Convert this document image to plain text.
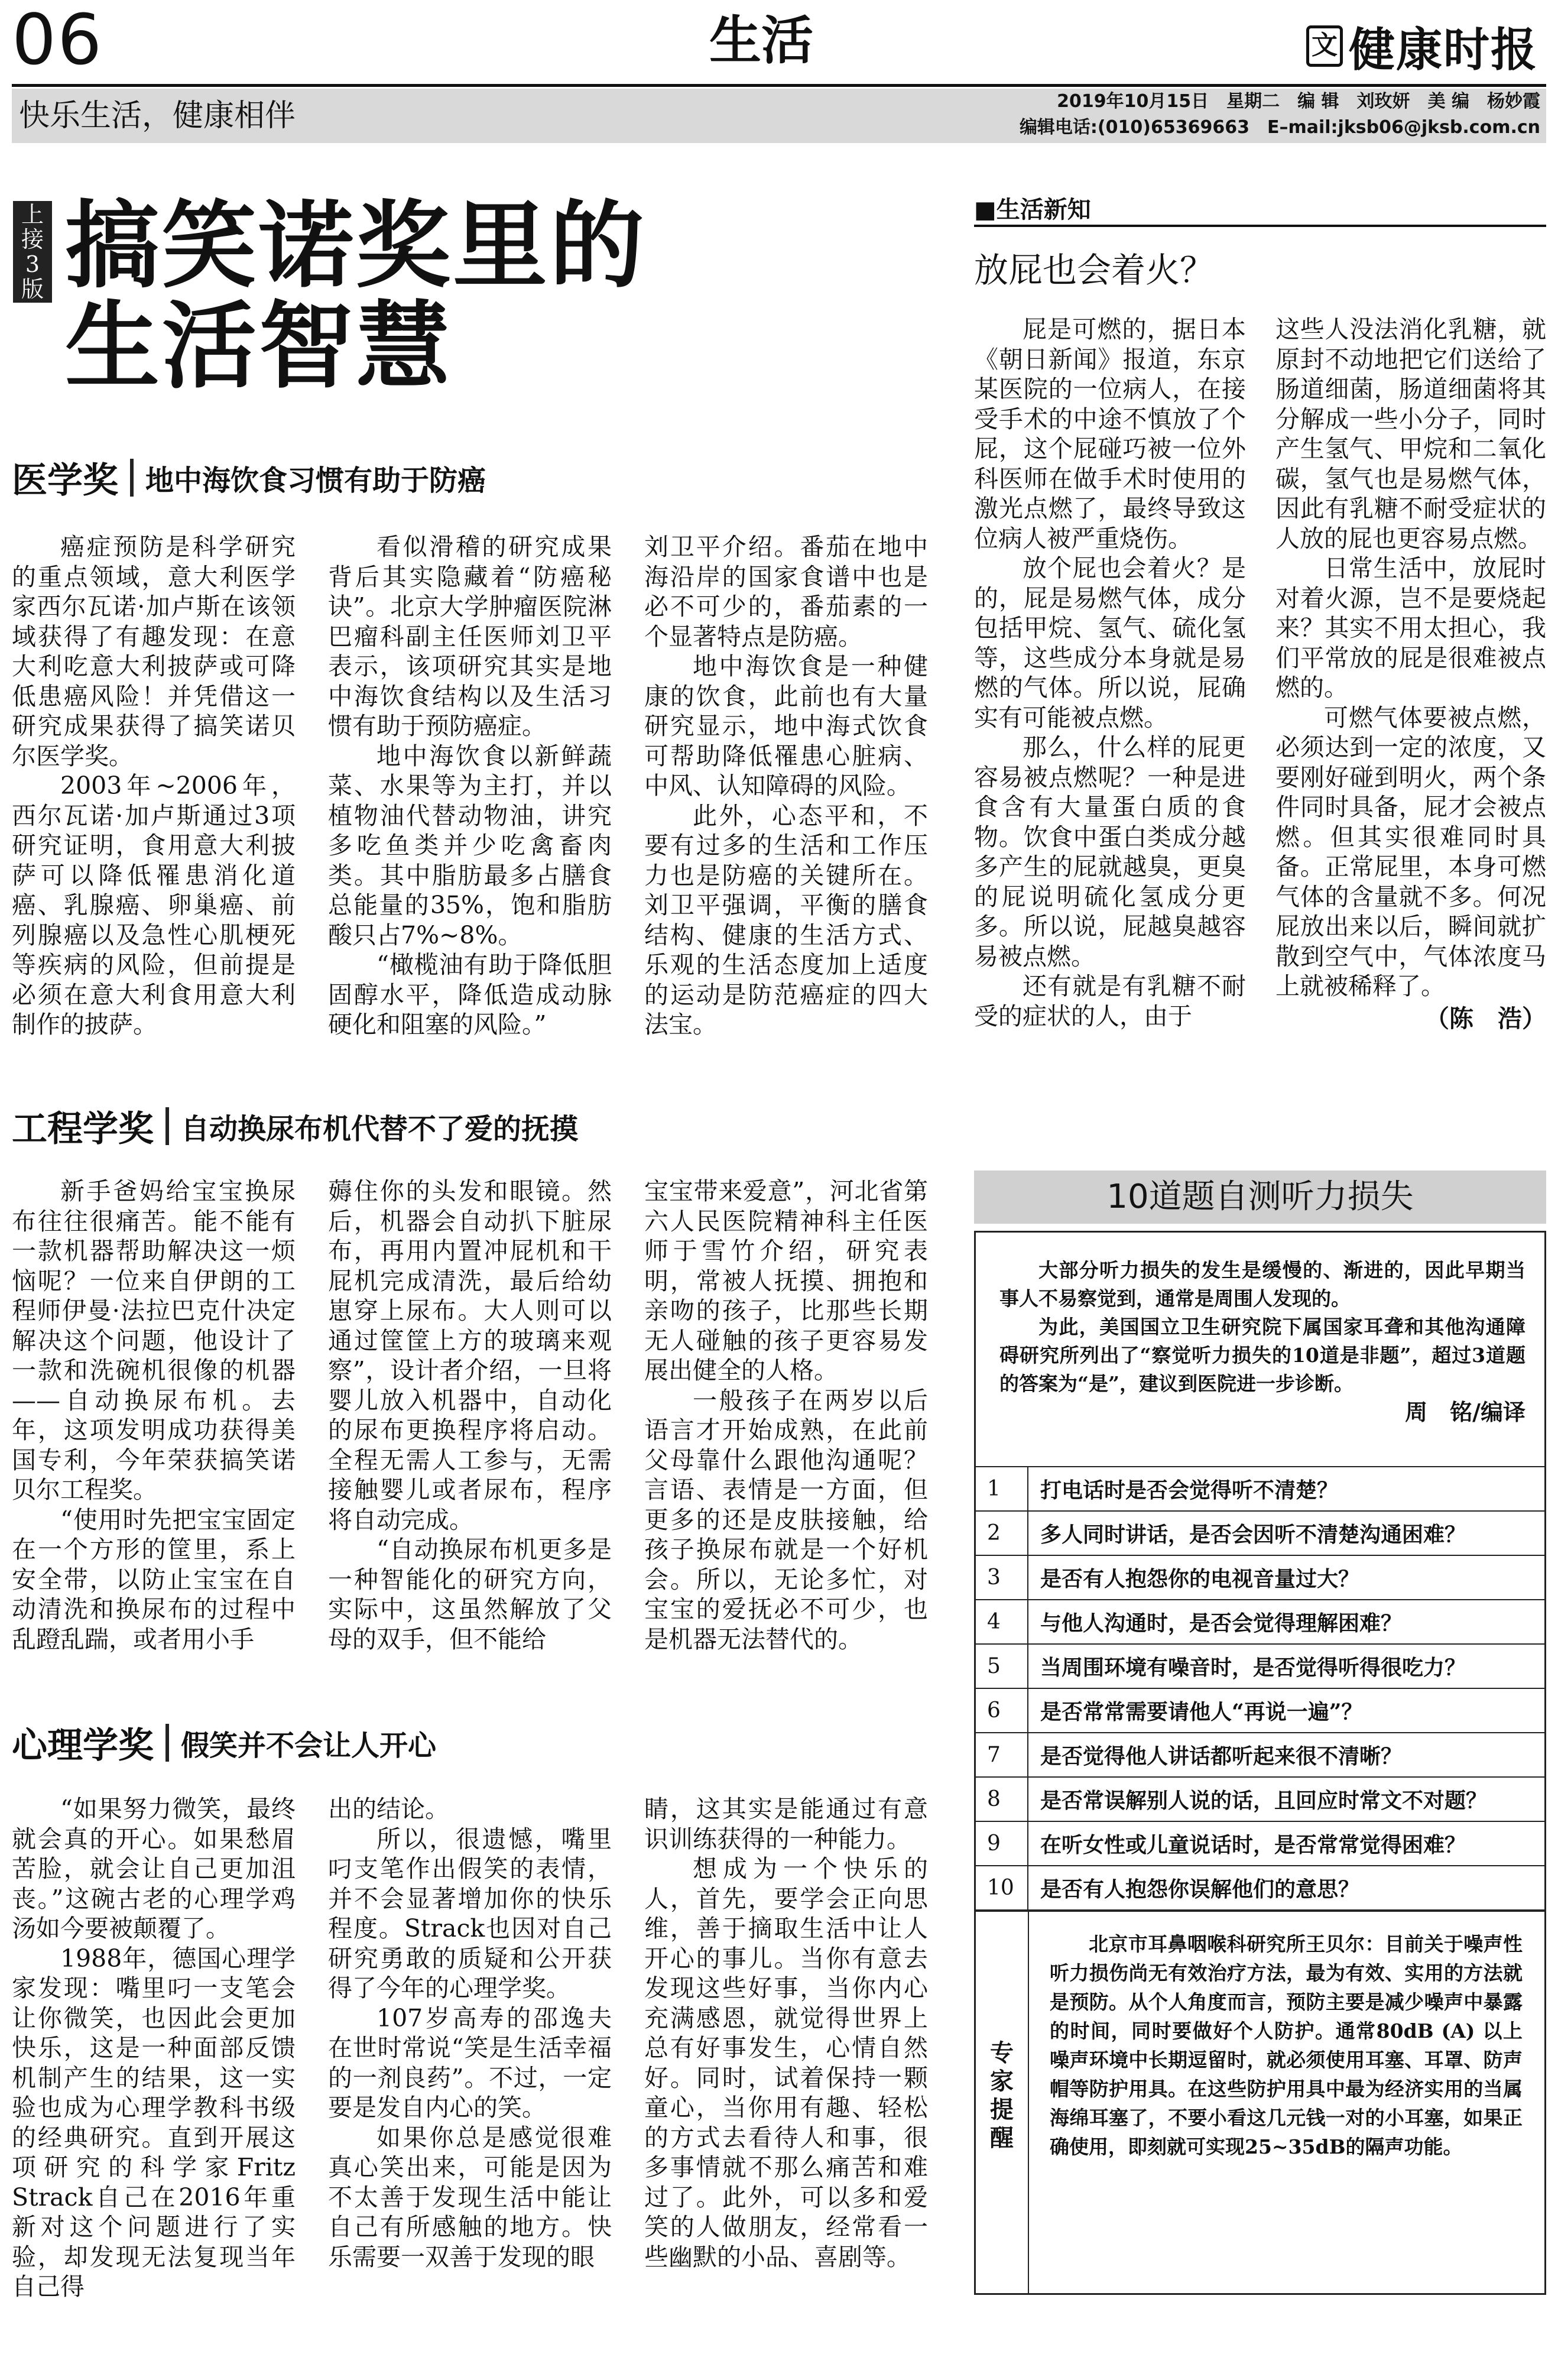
06	生活	文 健康时报
快乐生活，健康相伴	2019年10月15日　星期二　编 辑　刘玫妍　美 编　杨妙霞
编辑电话:(010)65369663　E–mail:jksb06@jksb.com.cn
上
接
3
版 搞笑诺奖里的
生活智慧
医学奖 地中海饮食习惯有助于防癌

癌症预防是科学研究的重点领域，意大利医学家西尔瓦诺·加卢斯在该领域获得了有趣发现：在意大利吃意大利披萨或可降低患癌风险！并凭借这一研究成果获得了搞笑诺贝尔医学奖。

2003年~2006年，西尔瓦诺·加卢斯通过3项研究证明，食用意大利披萨可以降低罹患消化道癌、乳腺癌、卵巢癌、前列腺癌以及急性心肌梗死等疾病的风险，但前提是必须在意大利食用意大利制作的披萨。

看似滑稽的研究成果背后其实隐藏着“防癌秘诀”。北京大学肿瘤医院淋巴瘤科副主任医师刘卫平表示，该项研究其实是地中海饮食结构以及生活习惯有助于预防癌症。

地中海饮食以新鲜蔬菜、水果等为主打，并以植物油代替动物油，讲究多吃鱼类并少吃禽畜肉类。其中脂肪最多占膳食总能量的35%，饱和脂肪酸只占7%~8%。

“橄榄油有助于降低胆固醇水平，降低造成动脉硬化和阻塞的风险。”

刘卫平介绍。番茄在地中海沿岸的国家食谱中也是必不可少的，番茄素的一个显著特点是防癌。

地中海饮食是一种健康的饮食，此前也有大量研究显示，地中海式饮食可帮助降低罹患心脏病、中风、认知障碍的风险。

此外，心态平和，不要有过多的生活和工作压力也是防癌的关键所在。刘卫平强调，平衡的膳食结构、健康的生活方式、乐观的生活态度加上适度的运动是防范癌症的四大法宝。

工程学奖 自动换尿布机代替不了爱的抚摸

新手爸妈给宝宝换尿布往往很痛苦。能不能有一款机器帮助解决这一烦恼呢？一位来自伊朗的工程师伊曼·法拉巴克什决定解决这个问题，他设计了一款和洗碗机很像的机器——自动换尿布机。去年，这项发明成功获得美国专利，今年荣获搞笑诺贝尔工程奖。

“使用时先把宝宝固定在一个方形的筐里，系上安全带，以防止宝宝在自动清洗和换尿布的过程中乱蹬乱踹，或者用小手

薅住你的头发和眼镜。然后，机器会自动扒下脏尿布，再用内置冲屁机和干屁机完成清洗，最后给幼崽穿上尿布。大人则可以通过筐筐上方的玻璃来观察”，设计者介绍，一旦将婴儿放入机器中，自动化的尿布更换程序将启动。全程无需人工参与，无需接触婴儿或者尿布，程序将自动完成。

“自动换尿布机更多是一种智能化的研究方向，实际中，这虽然解放了父母的双手，但不能给

宝宝带来爱意”，河北省第六人民医院精神科主任医师于雪竹介绍，研究表明，常被人抚摸、拥抱和亲吻的孩子，比那些长期无人碰触的孩子更容易发展出健全的人格。

一般孩子在两岁以后语言才开始成熟，在此前父母靠什么跟他沟通呢？言语、表情是一方面，但更多的还是皮肤接触，给孩子换尿布就是一个好机会。所以，无论多忙，对宝宝的爱抚必不可少，也是机器无法替代的。

心理学奖 假笑并不会让人开心

“如果努力微笑，最终就会真的开心。如果愁眉苦脸，就会让自己更加沮丧。”这碗古老的心理学鸡汤如今要被颠覆了。

1988年，德国心理学家发现：嘴里叼一支笔会让你微笑，也因此会更加快乐，这是一种面部反馈机制产生的结果，这一实验也成为心理学教科书级的经典研究。直到开展这项研究的科学家Fritz Strack自己在2016年重新对这个问题进行了实验，却发现无法复现当年自己得

出的结论。

所以，很遗憾，嘴里叼支笔作出假笑的表情，并不会显著增加你的快乐程度。Strack也因对自己研究勇敢的质疑和公开获得了今年的心理学奖。

107岁高寿的邵逸夫在世时常说“笑是生活幸福的一剂良药”。不过，一定要是发自内心的笑。

如果你总是感觉很难真心笑出来，可能是因为不太善于发现生活中能让自己有所感触的地方。快乐需要一双善于发现的眼

睛，这其实是能通过有意识训练获得的一种能力。

想成为一个快乐的人，首先，要学会正向思维，善于摘取生活中让人开心的事儿。当你有意去发现这些好事，当你内心充满感恩，就觉得世界上总有好事发生，心情自然好。同时，试着保持一颗童心，当你用有趣、轻松的方式去看待人和事，很多事情就不那么痛苦和难过了。此外，可以多和爱笑的人做朋友，经常看一些幽默的小品、喜剧等。

■生活新知
放屁也会着火？

屁是可燃的，据日本《朝日新闻》报道，东京某医院的一位病人，在接受手术的中途不慎放了个屁，这个屁碰巧被一位外科医师在做手术时使用的激光点燃了，最终导致这位病人被严重烧伤。

放个屁也会着火？是的，屁是易燃气体，成分包括甲烷、氢气、硫化氢等，这些成分本身就是易燃的气体。所以说，屁确实有可能被点燃。

那么，什么样的屁更容易被点燃呢？一种是进食含有大量蛋白质的食物。饮食中蛋白类成分越多产生的屁就越臭，更臭的屁说明硫化氢成分更多。所以说，屁越臭越容易被点燃。

还有就是有乳糖不耐受的症状的人，由于

这些人没法消化乳糖，就原封不动地把它们送给了肠道细菌，肠道细菌将其分解成一些小分子，同时产生氢气、甲烷和二氧化碳，氢气也是易燃气体，因此有乳糖不耐受症状的人放的屁也更容易点燃。

日常生活中，放屁时对着火源，岂不是要烧起来？其实不用太担心，我们平常放的屁是很难被点燃的。

可燃气体要被点燃，必须达到一定的浓度，又要刚好碰到明火，两个条件同时具备，屁才会被点燃。但其实很难同时具备。正常屁里，本身可燃气体的含量就不多。何况屁放出来以后，瞬间就扩散到空气中，气体浓度马上就被稀释了。

（陈　浩）
10道题自测听力损失

大部分听力损失的发生是缓慢的、渐进的，因此早期当事人不易察觉到，通常是周围人发现的。

为此，美国国立卫生研究院下属国家耳聋和其他沟通障碍研究所列出了“察觉听力损失的10道是非题”，超过3道题的答案为“是”，建议到医院进一步诊断。

周　铭/编译
1	打电话时是否会觉得听不清楚？
2	多人同时讲话，是否会因听不清楚沟通困难？
3	是否有人抱怨你的电视音量过大？
4	与他人沟通时，是否会觉得理解困难？
5	当周围环境有噪音时，是否觉得听得很吃力？
6	是否常常需要请他人“再说一遍”？
7	是否觉得他人讲话都听起来很不清晰？
8	是否常误解别人说的话，且回应时常文不对题？
9	在听女性或儿童说话时，是否常常觉得困难？
10	是否有人抱怨你误解他们的意思？
专
家
提
醒
北京市耳鼻咽喉科研究所王贝尔：目前关于噪声性听力损伤尚无有效治疗方法，最为有效、实用的方法就是预防。从个人角度而言，预防主要是减少噪声中暴露的时间，同时要做好个人防护。通常80dB (A) 以上噪声环境中长期逗留时，就必须使用耳塞、耳罩、防声帽等防护用具。在这些防护用具中最为经济实用的当属海绵耳塞了，不要小看这几元钱一对的小耳塞，如果正确使用，即刻就可实现25~35dB的隔声功能。
